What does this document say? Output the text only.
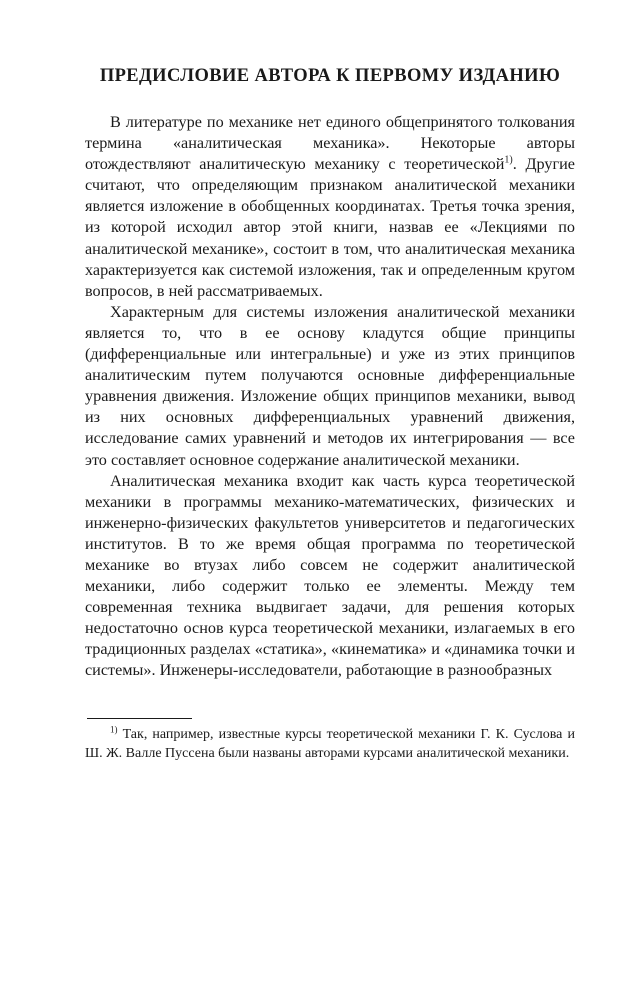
ПРЕДИСЛОВИЕ АВТОРА К ПЕРВОМУ ИЗДАНИЮ

В литературе по механике нет единого общепринятого толкования термина «аналитическая механика». Некоторые авторы отождествляют аналитическую механику с теоретической$^{1)}$. Другие считают, что определяющим признаком аналитической механики является изложение в обобщенных координатах. Третья точка зрения, из которой исходил автор этой книги, назвав ее «Лекциями по аналитической механике», состоит в том, что аналитическая механика характеризуется как системой изложения, так и определенным кругом вопросов, в ней рассматриваемых.

Характерным для системы изложения аналитической механики является то, что в ее основу кладутся общие принципы (дифференциальные или интегральные) и уже из этих принципов аналитическим путем получаются основные дифференциальные уравнения движения. Изложение общих принципов механики, вывод из них основных дифференциальных уравнений движения, исследование самих уравнений и методов их интегрирования — все это составляет основное содержание аналитической механики.

Аналитическая механика входит как часть курса теоретической механики в программы механико-математических, физических и инженерно-физических факультетов университетов и педагогических институтов. В то же время общая программа по теоретической механике во втузах либо совсем не содержит аналитической механики, либо содержит только ее элементы. Между тем современная техника выдвигает задачи, для решения которых недостаточно основ курса теоретической механики, излагаемых в его традиционных разделах «статика», «кинематика» и «динамика точки и системы». Инженеры-исследователи, работающие в разнообразных

$^{1)}$ Так, например, известные курсы теоретической механики Г. К. Суслова и Ш. Ж. Валле Пуссена были названы авторами курсами аналитической механики.
